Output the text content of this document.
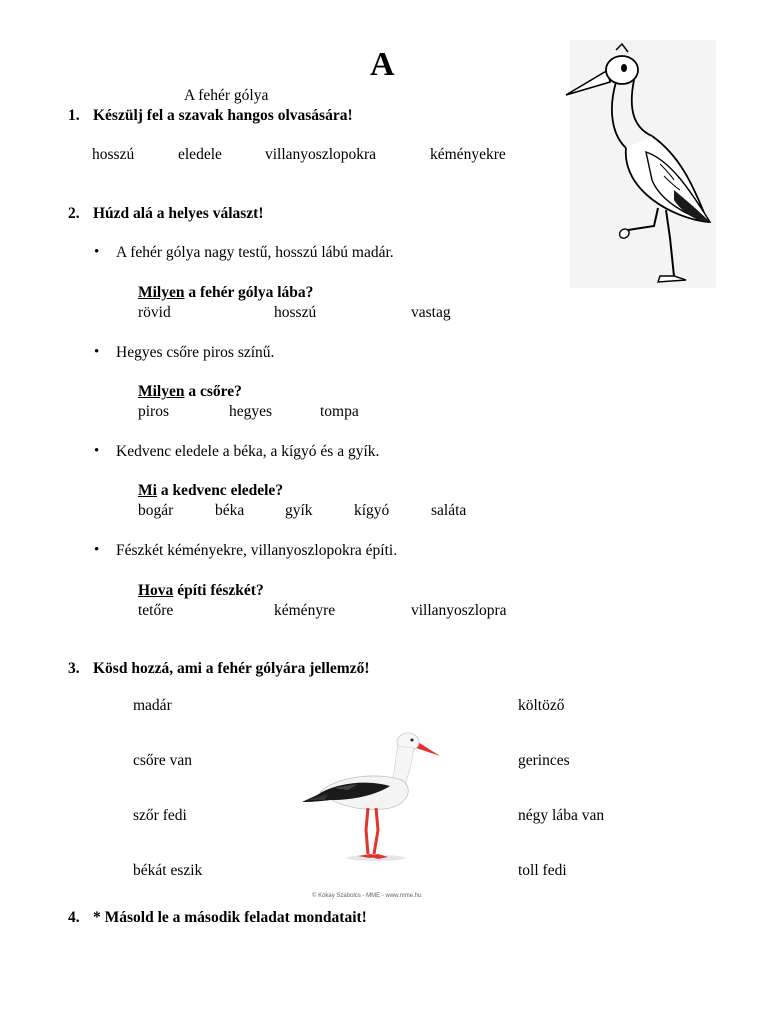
A
A fehér gólya
1. Készülj fel a szavak hangos olvasására!
hosszú	eledele	villanyoszlopokra	kéményekre
2. Húzd alá a helyes választ!
• A fehér gólya nagy testű, hosszú lábú madár.
Milyen a fehér gólya lába?
rövid	hosszú	vastag
• Hegyes csőre piros színű.
Milyen a csőre?
piros	hegyes	tompa
• Kedvenc eledele a béka, a kígyó és a gyík.
Mi a kedvenc eledele?
bogár	béka	gyík	kígyó	saláta
• Fészkét kéményekre, villanyoszlopokra építi.
Hova építi fészkét?
tetőre	kéményre	villanyoszlopra
3. Kösd hozzá, ami a fehér gólyára jellemző!
madár
csőre van
szőr fedi
békát eszik
költöző
gerinces
négy lába van
toll fedi
© Kókay Szabolcs - MME - www.mme.hu
4. * Másold le a második feladat mondatait!
